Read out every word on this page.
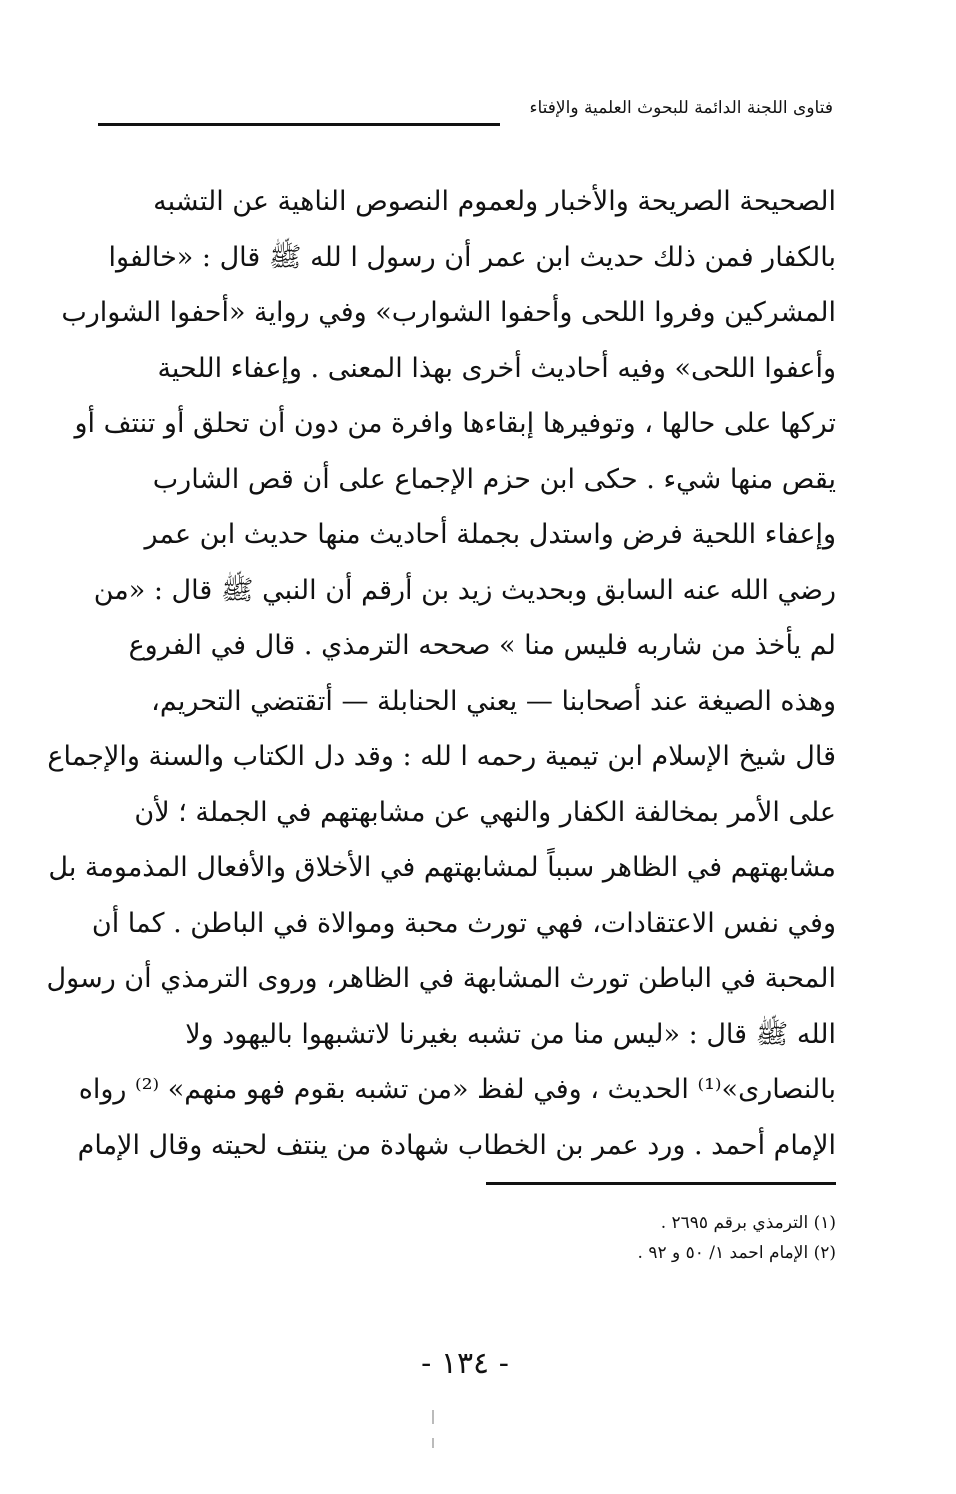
فتاوى اللجنة الدائمة للبحوث العلمية والإفتاء
الصحيحة الصريحة والأخبار ولعموم النصوص الناهية عن التشبه
بالكفار فمن ذلك حديث ابن عمر أن رسول ا لله ﷺ قال : «خالفوا
المشركين وفروا اللحى وأحفوا الشوارب» وفي رواية «أحفوا الشوارب
وأعفوا اللحى» وفيه أحاديث أخرى بهذا المعنى . وإعفاء اللحية
تركها على حالها ، وتوفيرها إبقاءها وافرة من دون أن تحلق أو تنتف أو
يقص منها شيء . حكى ابن حزم الإجماع على أن قص الشارب
وإعفاء اللحية فرض واستدل بجملة أحاديث منها حديث ابن عمر
رضي الله عنه السابق وبحديث زيد بن أرقم أن النبي ﷺ قال : «من
لم يأخذ من شاربه فليس منا » صححه الترمذي . قال في الفروع
وهذه الصيغة عند أصحابنا — يعني الحنابلة — أتقتضي التحريم،
قال شيخ الإسلام ابن تيمية رحمه ا لله : وقد دل الكتاب والسنة والإجماع
على الأمر بمخالفة الكفار والنهي عن مشابهتهم في الجملة ؛ لأن
مشابهتهم في الظاهر سبباً لمشابهتهم في الأخلاق والأفعال المذمومة بل
وفي نفس الاعتقادات، فهي تورث محبة وموالاة في الباطن . كما أن
المحبة في الباطن تورث المشابهة في الظاهر، وروى الترمذي أن رسول
الله ﷺ قال : «ليس منا من تشبه بغيرنا لاتشبهوا باليهود ولا
بالنصارى»⁽¹⁾ الحديث ، وفي لفظ «من تشبه بقوم فهو منهم» ⁽²⁾ رواه
الإمام أحمد . ورد عمر بن الخطاب شهادة من ينتف لحيته وقال الإمام
(١) الترمذي برقم ٢٦٩٥ .
(٢) الإمام احمد ١/ ٥٠ و ٩٢ .
- ١٣٤ -
